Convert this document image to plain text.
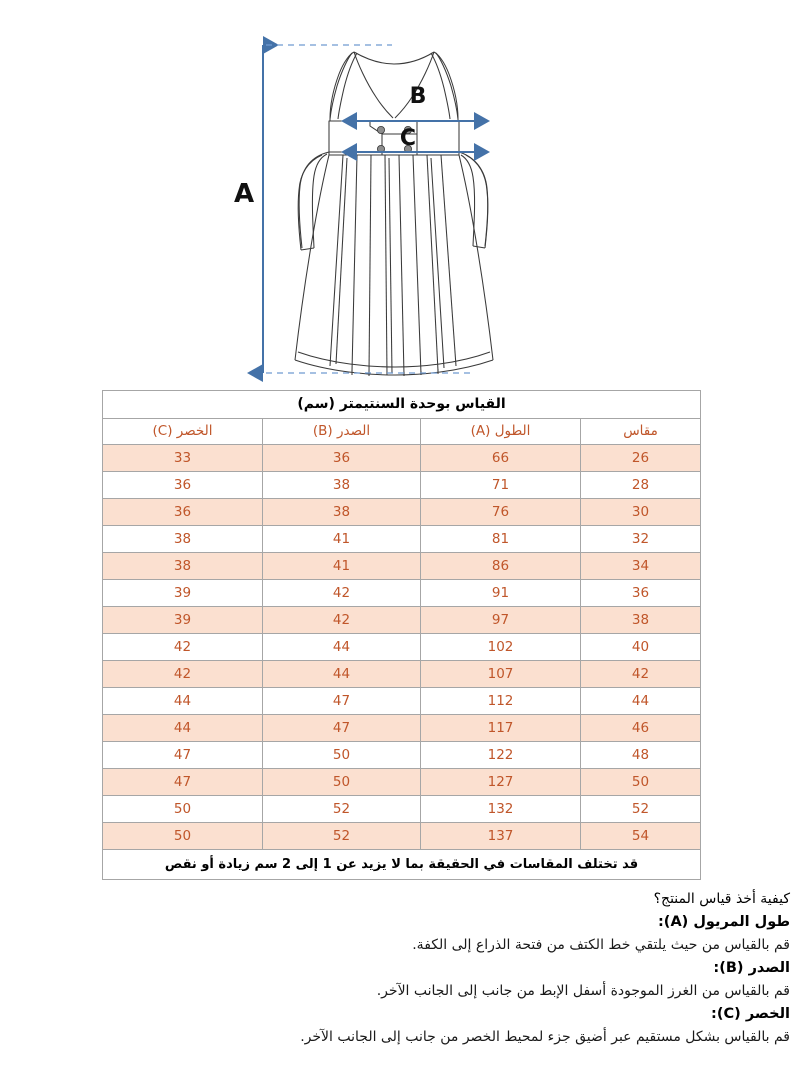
A
B
C
القياس بوحدة السنتيمتر (سم)			
مقاس	الطول (A)	الصدر (B)	الخصر (C)
26	66	36	33
28	71	38	36
30	76	38	36
32	81	41	38
34	86	41	38
36	91	42	39
38	97	42	39
40	102	44	42
42	107	44	42
44	112	47	44
46	117	47	44
48	122	50	47
50	127	50	47
52	132	52	50
54	137	52	50
قد تختلف المقاسات في الحقيقة بما لا يزيد عن 1 إلى 2 سم زيادة أو نقص			
كيفية أخذ قياس المنتج؟
طول المريول (A):
قم بالقياس من حيث يلتقي خط الكتف من فتحة الذراع إلى الكفة.
الصدر (B):
قم بالقياس من الغرز الموجودة أسفل الإبط من جانب إلى الجانب الآخر.
الخصر (C):
قم بالقياس بشكل مستقيم عبر أضيق جزء لمحيط الخصر من جانب إلى الجانب الآخر.
